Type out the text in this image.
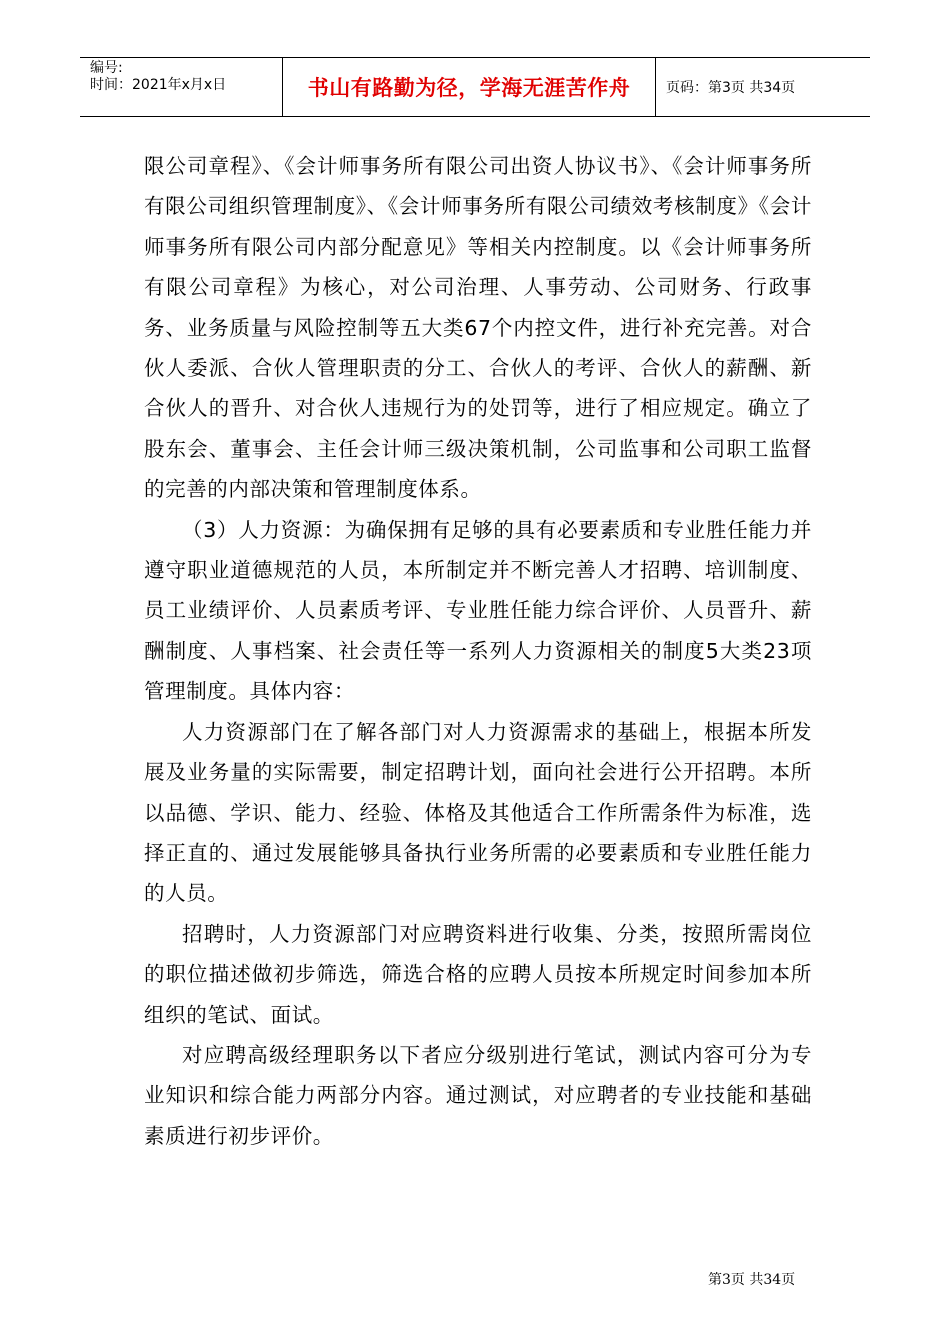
编号:
时间：2021年x月x日	书山有路勤为径，学海无涯苦作舟	页码：第3页 共34页

限公司章程》、《会计师事务所有限公司出资人协议书》、《会计师事务所有限公司组织管理制度》、《会计师事务所有限公司绩效考核制度》《会计师事务所有限公司内部分配意见》等相关内控制度。以《会计师事务所有限公司章程》为核心，对公司治理、人事劳动、公司财务、行政事务、业务质量与风险控制等五大类67个内控文件，进行补充完善。对合伙人委派、合伙人管理职责的分工、合伙人的考评、合伙人的薪酬、新合伙人的晋升、对合伙人违规行为的处罚等，进行了相应规定。确立了股东会、董事会、主任会计师三级决策机制，公司监事和公司职工监督的完善的内部决策和管理制度体系。

（3）人力资源：为确保拥有足够的具有必要素质和专业胜任能力并遵守职业道德规范的人员，本所制定并不断完善人才招聘、培训制度、员工业绩评价、人员素质考评、专业胜任能力综合评价、人员晋升、薪酬制度、人事档案、社会责任等一系列人力资源相关的制度5大类23项管理制度。具体内容：

人力资源部门在了解各部门对人力资源需求的基础上，根据本所发展及业务量的实际需要，制定招聘计划，面向社会进行公开招聘。本所以品德、学识、能力、经验、体格及其他适合工作所需条件为标准，选择正直的、通过发展能够具备执行业务所需的必要素质和专业胜任能力的人员。

招聘时，人力资源部门对应聘资料进行收集、分类，按照所需岗位的职位描述做初步筛选，筛选合格的应聘人员按本所规定时间参加本所组织的笔试、面试。

对应聘高级经理职务以下者应分级别进行笔试，测试内容可分为专业知识和综合能力两部分内容。通过测试，对应聘者的专业技能和基础素质进行初步评价。

第3页 共34页
